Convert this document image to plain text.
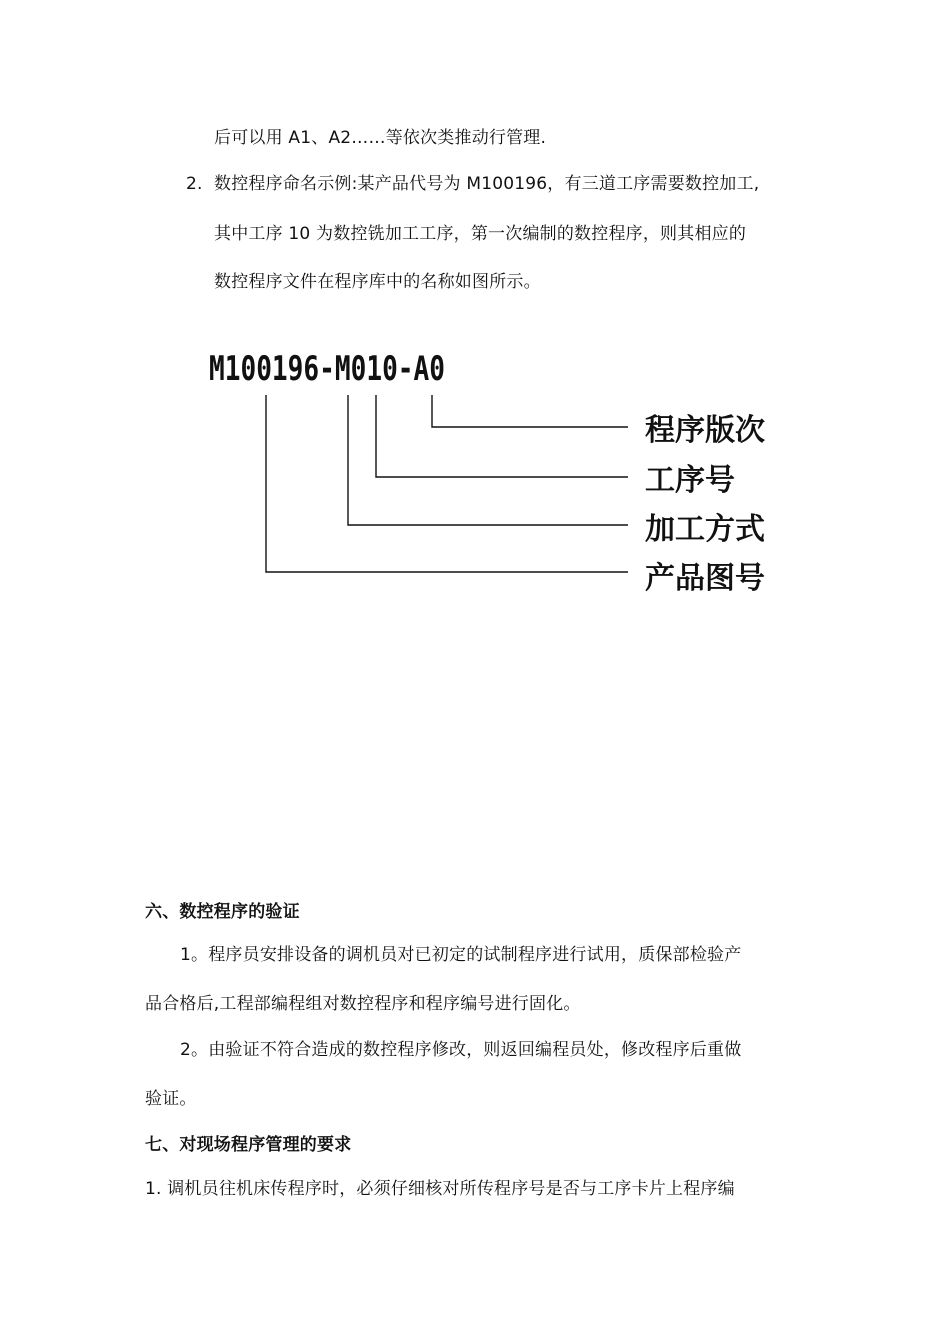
后可以用 A1、A2……等依次类推动行管理.
2. 数控程序命名示例:某产品代号为 M100196，有三道工序需要数控加工,
其中工序 10 为数控铣加工工序，第一次编制的数控程序，则其相应的
数控程序文件在程序库中的名称如图所示。
M100196-M010-A0
程序版次
工序号
加工方式
产品图号
六、数控程序的验证
1。程序员安排设备的调机员对已初定的试制程序进行试用，质保部检验产
品合格后,工程部编程组对数控程序和程序编号进行固化。
2。由验证不符合造成的数控程序修改，则返回编程员处，修改程序后重做
验证。
七、对现场程序管理的要求
1. 调机员往机床传程序时，必须仔细核对所传程序号是否与工序卡片上程序编
